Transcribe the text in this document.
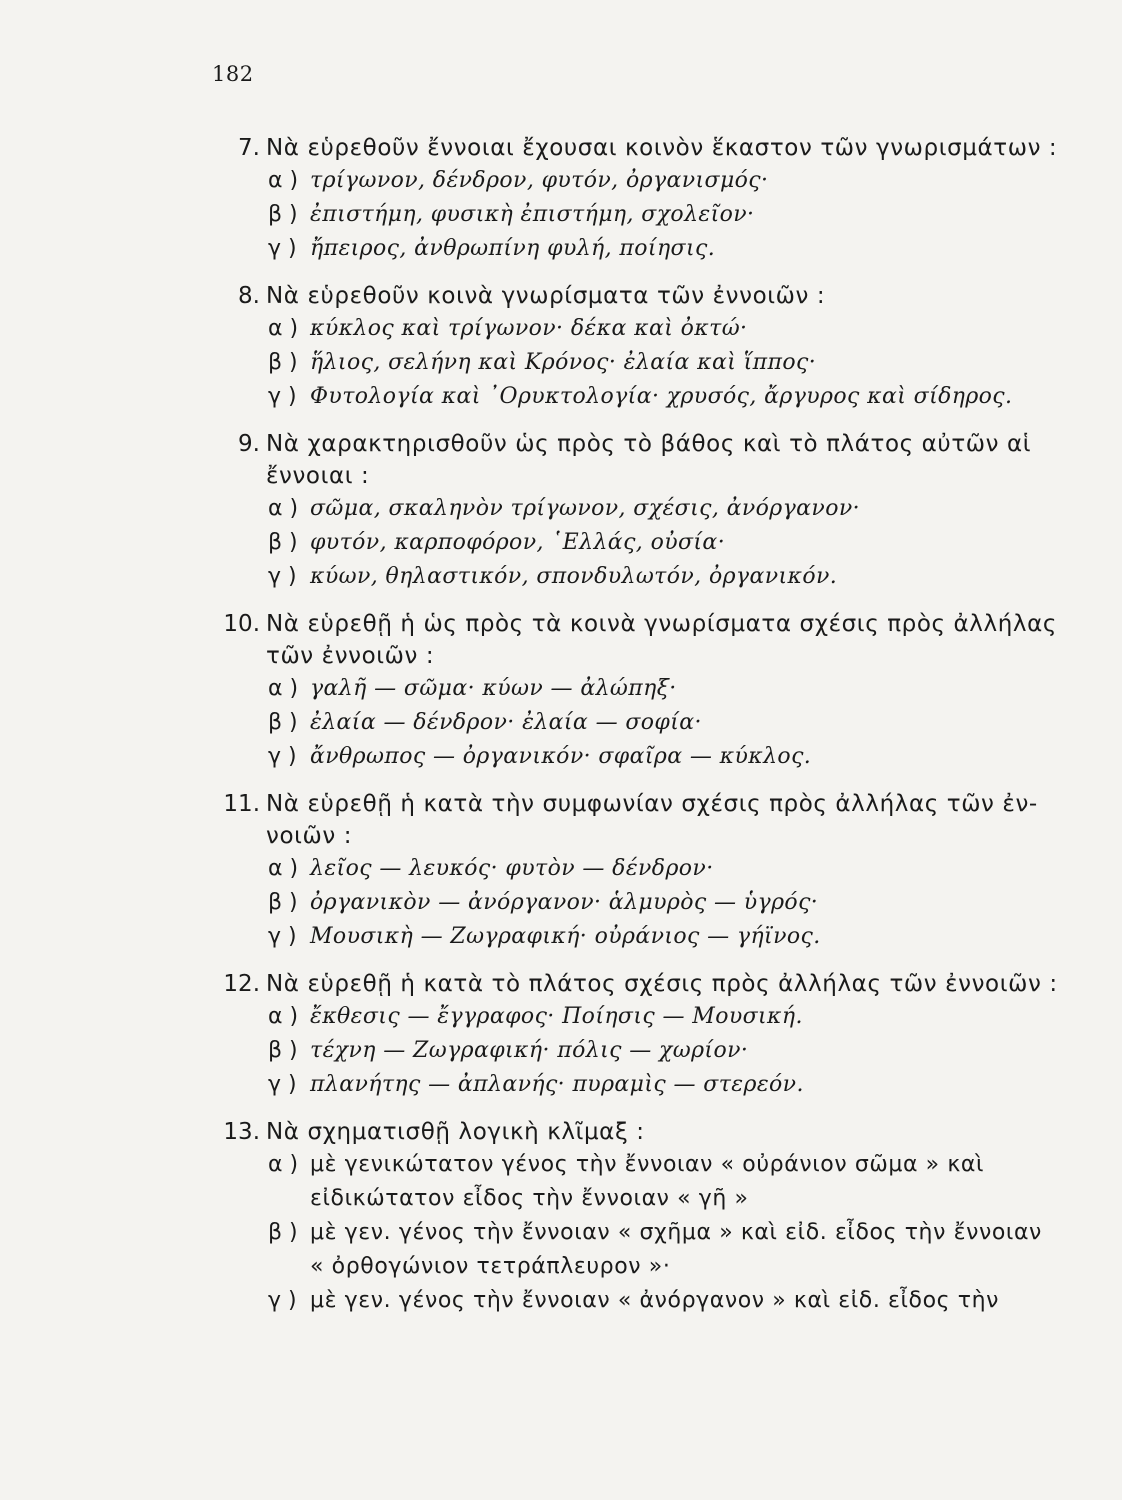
182
7. Νὰ εὑρεθοῦν ἔννοιαι ἔχουσαι κοινὸν ἕκαστον τῶν γνωρισμάτων :
α ) τρίγωνον, δένδρον, φυτόν, ὀργανισμός·
β ) ἐπιστήμη, φυσικὴ ἐπιστήμη, σχολεῖον·
γ ) ἤπειρος, ἀνθρωπίνη φυλή, ποίησις.
8. Νὰ εὑρεθοῦν κοινὰ γνωρίσματα τῶν ἐννοιῶν :
α ) κύκλος καὶ τρίγωνον· δέκα καὶ ὀκτώ·
β ) ἥλιος, σελήνη καὶ Κρόνος· ἐλαία καὶ ἵππος·
γ ) Φυτολογία καὶ ᾿Ορυκτολογία· χρυσός, ἄργυρος καὶ σίδηρος.
9. Νὰ χαρακτηρισθοῦν ὡς πρὸς τὸ βάθος καὶ τὸ πλάτος αὐτῶν αἱ
ἔννοιαι :
α ) σῶμα, σκαληνὸν τρίγωνον, σχέσις, ἀνόργανον·
β ) φυτόν, καρποφόρον, ῾Ελλάς, οὐσία·
γ ) κύων, θηλαστικόν, σπονδυλωτόν, ὀργανικόν.
10. Νὰ εὑρεθῇ ἡ ὡς πρὸς τὰ κοινὰ γνωρίσματα σχέσις πρὸς ἀλλήλας
τῶν ἐννοιῶν :
α ) γαλῆ — σῶμα· κύων — ἀλώπηξ·
β ) ἐλαία — δένδρον· ἐλαία — σοφία·
γ ) ἄνθρωπος — ὀργανικόν· σφαῖρα — κύκλος.
11. Νὰ εὑρεθῇ ἡ κατὰ τὴν συμφωνίαν σχέσις πρὸς ἀλλήλας τῶν ἐν-
νοιῶν :
α ) λεῖος — λευκός· φυτὸν — δένδρον·
β ) ὀργανικὸν — ἀνόργανον· ἁλμυρὸς — ὑγρός·
γ ) Μουσικὴ — Ζωγραφική· οὐράνιος — γήϊνος.
12. Νὰ εὑρεθῇ ἡ κατὰ τὸ πλάτος σχέσις πρὸς ἀλλήλας τῶν ἐννοιῶν :
α ) ἔκθεσις — ἔγγραφος· Ποίησις — Μουσική.
β ) τέχνη — Ζωγραφική· πόλις — χωρίον·
γ ) πλανήτης — ἀπλανής· πυραμὶς — στερεόν.
13. Νὰ σχηματισθῇ λογικὴ κλῖμαξ :
α ) μὲ γενικώτατον γένος τὴν ἔννοιαν « οὐράνιον σῶμα » καὶ
εἰδικώτατον εἶδος τὴν ἔννοιαν « γῆ »
β ) μὲ γεν. γένος τὴν ἔννοιαν « σχῆμα » καὶ εἰδ. εἶδος τὴν ἔννοιαν
« ὀρθογώνιον τετράπλευρον »·
γ ) μὲ γεν. γένος τὴν ἔννοιαν « ἀνόργανον » καὶ εἰδ. εἶδος τὴν
